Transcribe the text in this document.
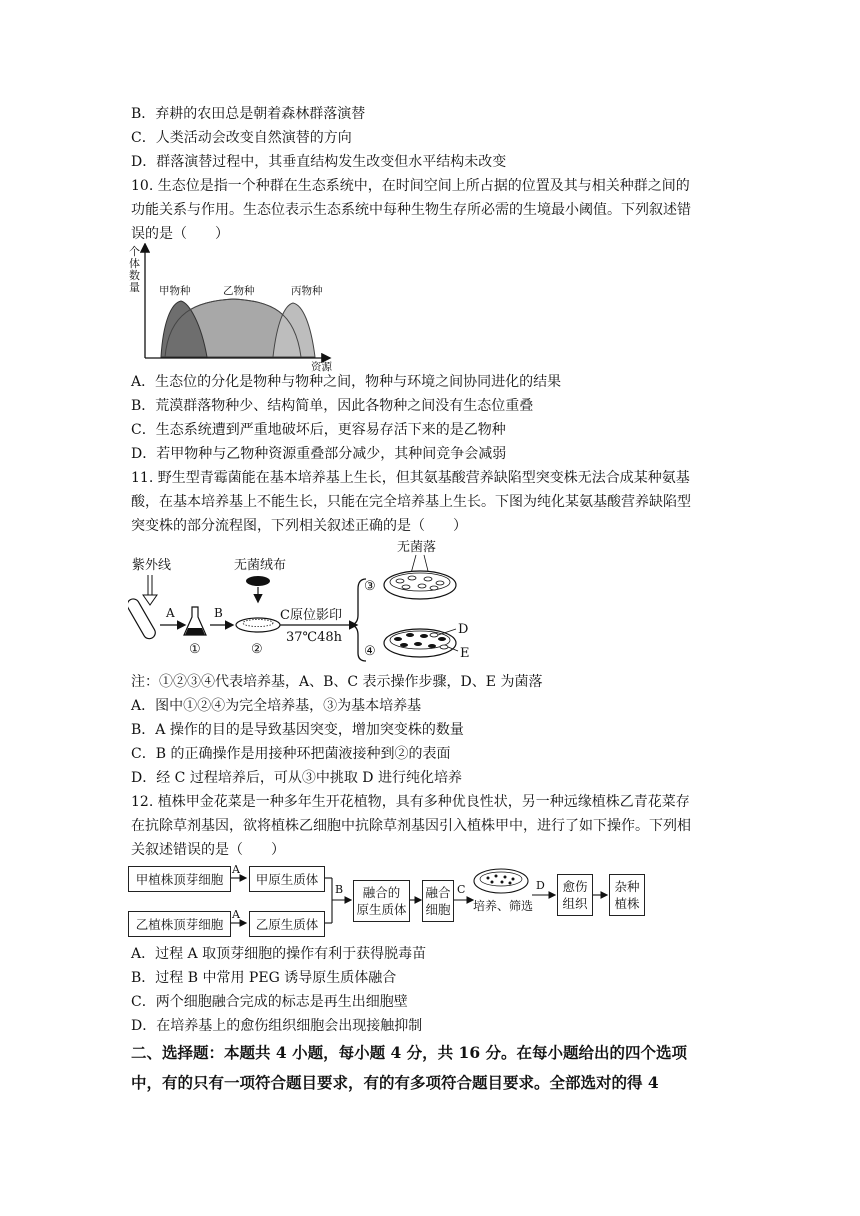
B．弃耕的农田总是朝着森林群落演替
C．人类活动会改变自然演替的方向
D．群落演替过程中，其垂直结构发生改变但水平结构未改变
10. 生态位是指一个种群在生态系统中，在时间空间上所占据的位置及其与相关种群之间的
功能关系与作用。生态位表示生态系统中每种生物生存所必需的生境最小阈值。下列叙述错
误的是（　　）
个
体
数
量 甲物种	乙物种	丙物种
资源
A．生态位的分化是物种与物种之间，物种与环境之间协同进化的结果
B．荒漠群落物种少、结构简单，因此各物种之间没有生态位重叠
C．生态系统遭到严重地破坏后，更容易存活下来的是乙物种
D．若甲物种与乙物种资源重叠部分减少，其种间竞争会减弱
11. 野生型青霉菌能在基本培养基上生长，但其氨基酸营养缺陷型突变株无法合成某种氨基
酸，在基本培养基上不能生长，只能在完全培养基上生长。下图为纯化某氨基酸营养缺陷型
突变株的部分流程图，下列相关叙述正确的是（　　）
紫外线
A
①
B
无菌绒布
②
C原位影印
37℃48h
无菌落
③
④
D
E
注：①②③④代表培养基，A、B、C 表示操作步骤，D、E 为菌落
A．图中①②④为完全培养基，③为基本培养基
B．A 操作的目的是导致基因突变，增加突变株的数量
C．B 的正确操作是用接种环把菌液接种到②的表面
D．经 C 过程培养后，可从③中挑取 D 进行纯化培养
12. 植株甲金花菜是一种多年生开花植物，具有多种优良性状，另一种远缘植株乙青花菜存
在抗除草剂基因，欲将植株乙细胞中抗除草剂基因引入植株甲中，进行了如下操作。下列相
关叙述错误的是（　　）
A
A
B	C
培养、筛选
D
甲植株顶芽细胞
乙植株顶芽细胞
甲原生质体
乙原生质体
融合的
原生质体
融合
细胞
愈伤
组织
杂种
植株
A．过程 A 取顶芽细胞的操作有利于获得脱毒苗
B．过程 B 中常用 PEG 诱导原生质体融合
C．两个细胞融合完成的标志是再生出细胞壁
D．在培养基上的愈伤组织细胞会出现接触抑制
二、选择题：本题共 4 小题，每小题 4 分，共 16 分。在每小题给出的四个选项
中，有的只有一项符合题目要求，有的有多项符合题目要求。全部选对的得 4
